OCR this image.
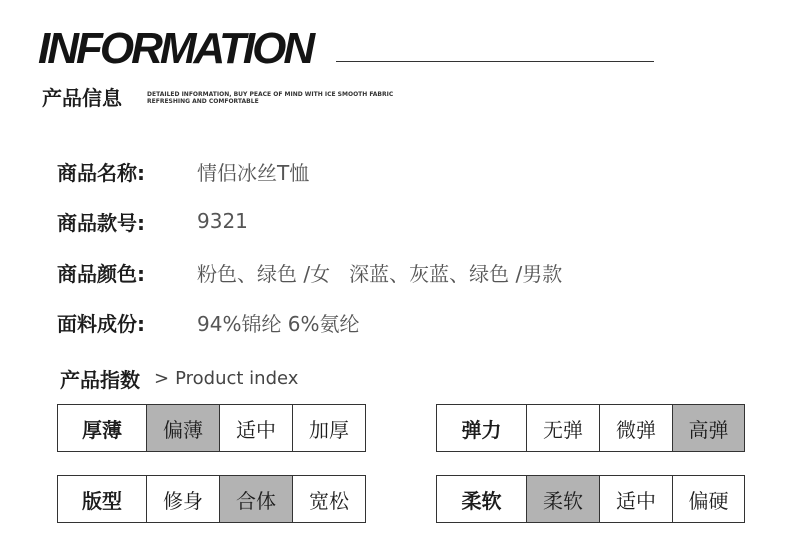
INFORMATION
产品信息	DETAILED INFORMATION, BUY PEACE OF MIND WITH ICE SMOOTH FABRIC
REFRESHING AND COMFORTABLE
商品名称:	情侣冰丝T恤
商品款号:	9321
商品颜色:	粉色、绿色 /女   深蓝、灰蓝、绿色 /男款
面料成份:	94%锦纶 6%氨纶
产品指数 > Product index
厚薄	偏薄	适中	加厚	弹力	无弹	微弹	高弹
版型	修身	合体	宽松	柔软	柔软	适中	偏硬
